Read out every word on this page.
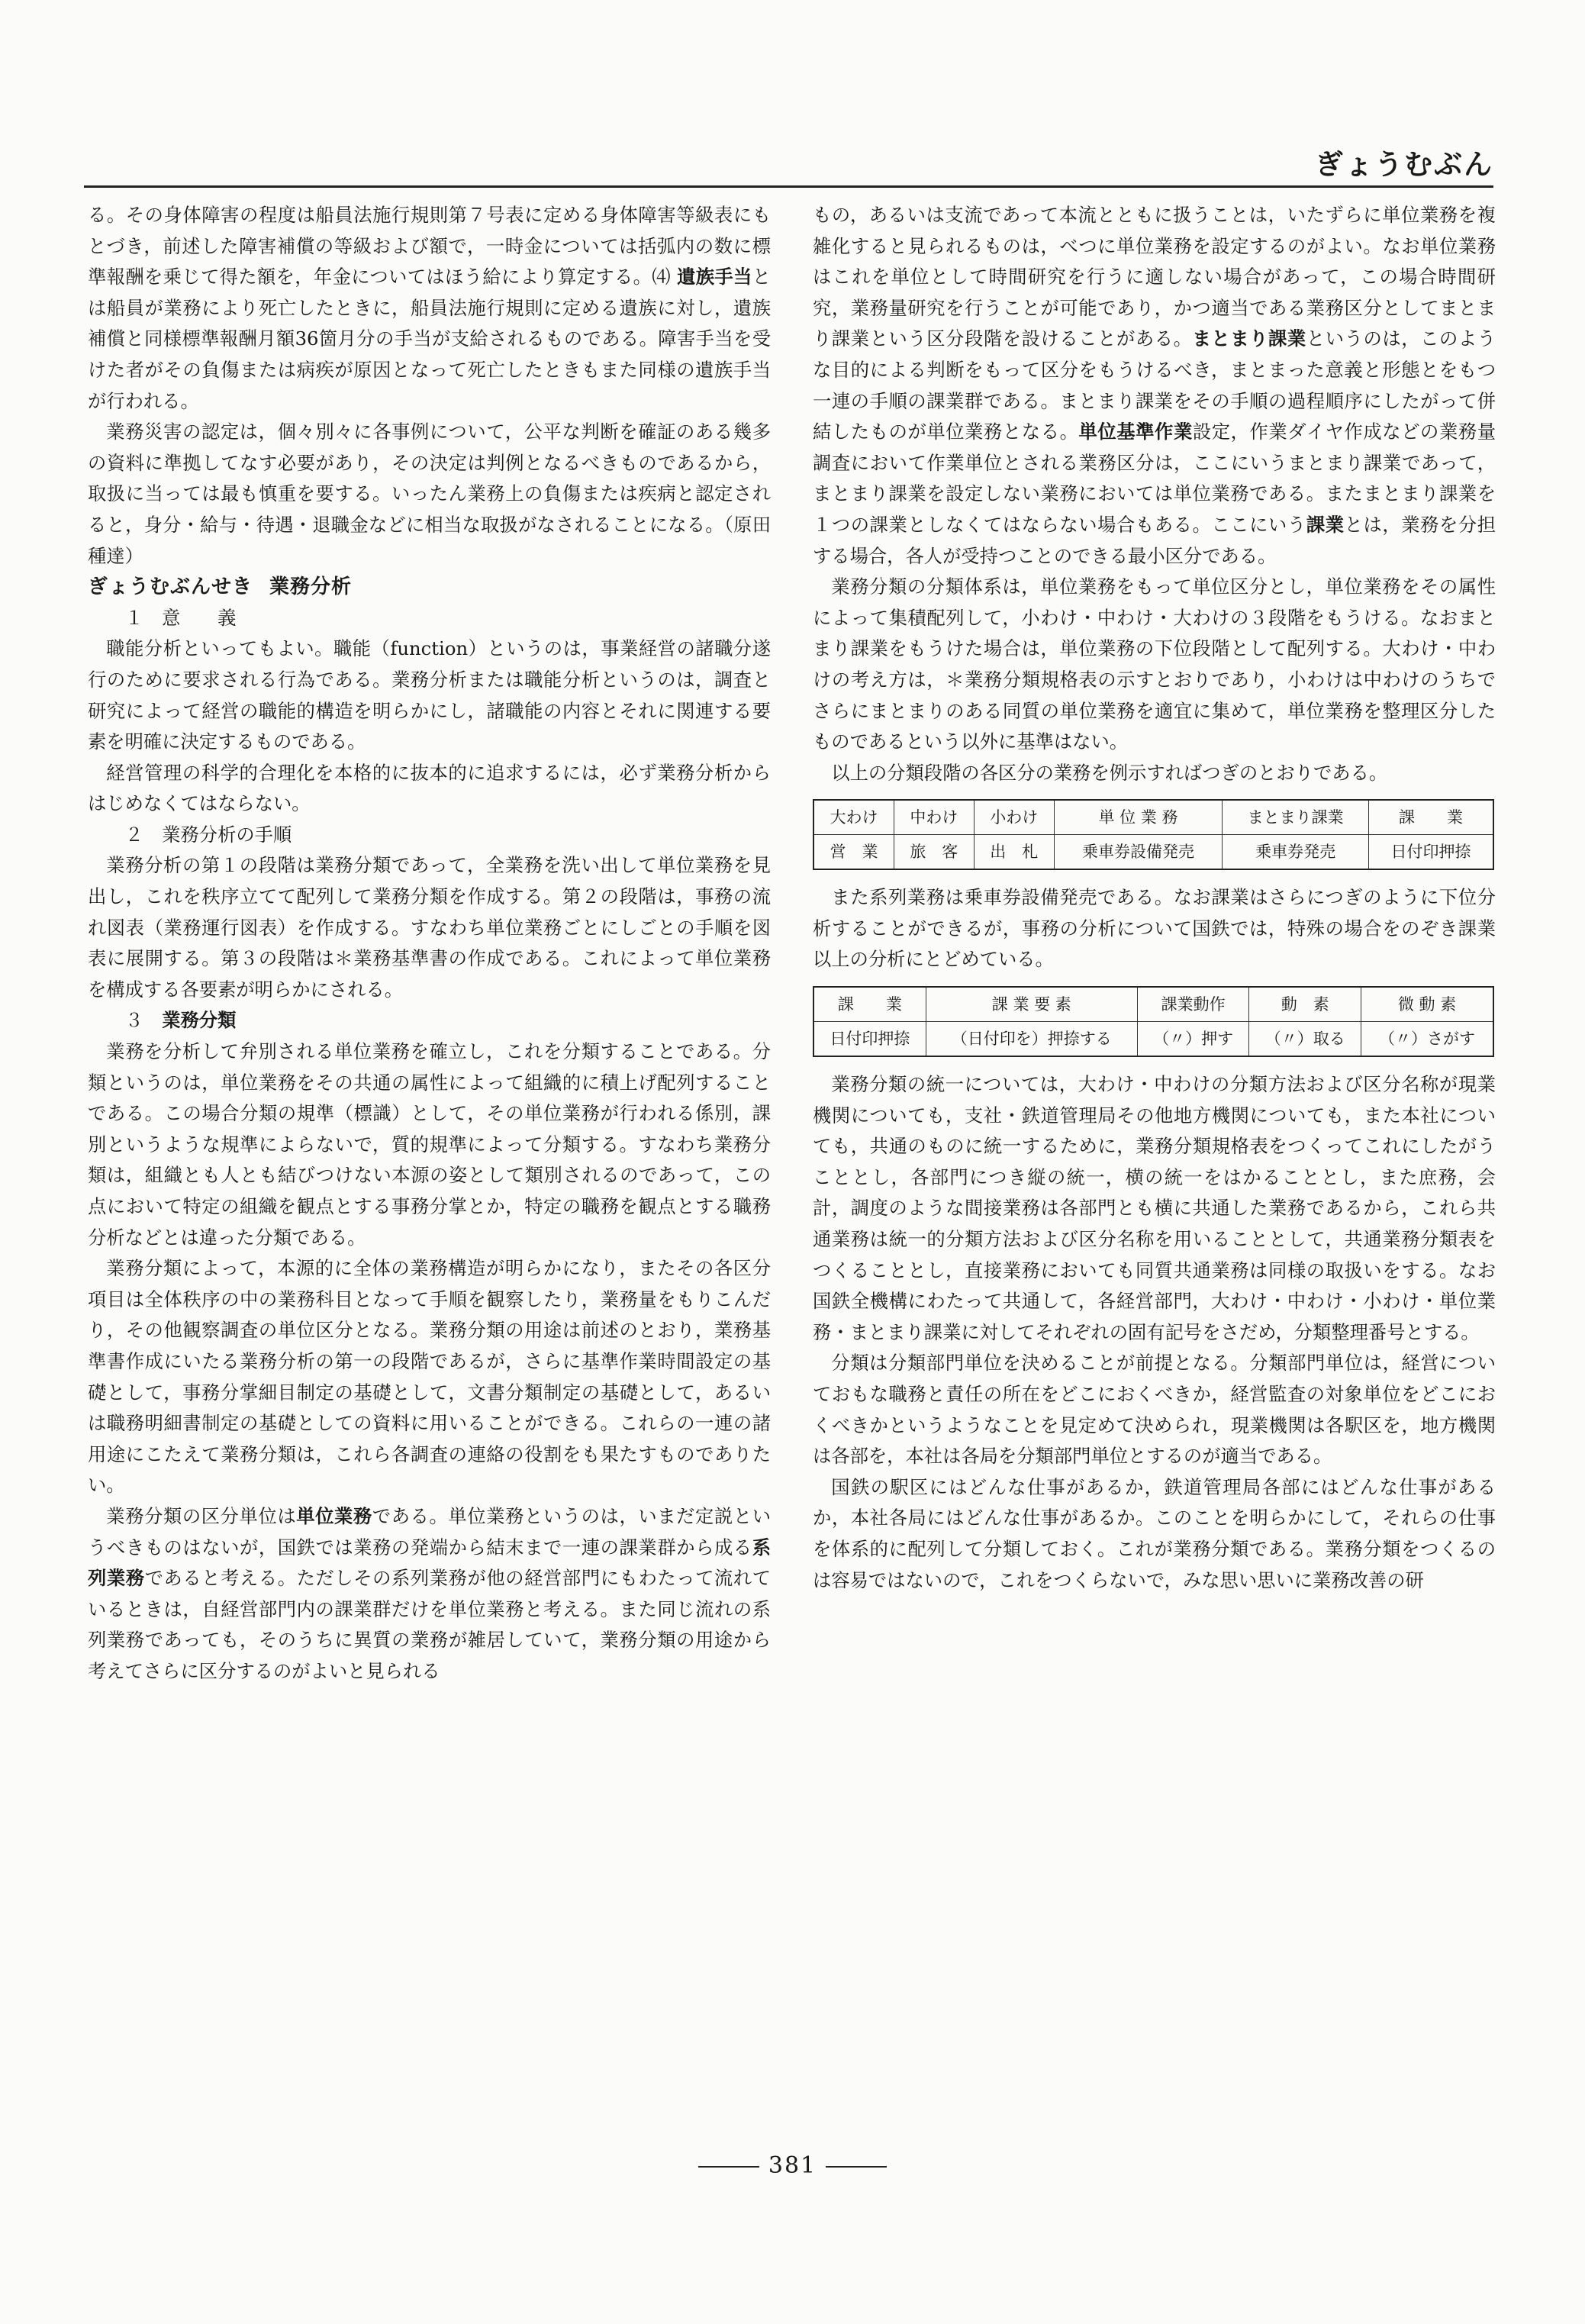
ぎょうむぶん

る。その身体障害の程度は船員法施行規則第７号表に定める身体障害等級表にもとづき，前述した障害補償の等級および額で，一時金については括弧内の数に標準報酬を乗じて得た額を，年金についてはほう給により算定する。⑷ 遺族手当とは船員が業務により死亡したときに，船員法施行規則に定める遺族に対し，遺族補償と同様標準報酬月額36箇月分の手当が支給されるものである。障害手当を受けた者がその負傷または病疾が原因となって死亡したときもまた同様の遺族手当が行われる。

業務災害の認定は，個々別々に各事例について，公平な判断を確証のある幾多の資料に準拠してなす必要があり，その決定は判例となるべきものであるから，取扱に当っては最も慎重を要する。いったん業務上の負傷または疾病と認定されると，身分・給与・待遇・退職金などに相当な取扱がなされることになる。（原田種達）

ぎょうむぶんせき 業務分析

１　意　　義

職能分析といってもよい。職能（function）というのは，事業経営の諸職分遂行のために要求される行為である。業務分析または職能分析というのは，調査と研究によって経営の職能的構造を明らかにし，諸職能の内容とそれに関連する要素を明確に決定するものである。

経営管理の科学的合理化を本格的に抜本的に追求するには，必ず業務分析からはじめなくてはならない。

２　業務分析の手順

業務分析の第１の段階は業務分類であって，全業務を洗い出して単位業務を見出し，これを秩序立てて配列して業務分類を作成する。第２の段階は，事務の流れ図表（業務運行図表）を作成する。すなわち単位業務ごとにしごとの手順を図表に展開する。第３の段階は＊業務基準書の作成である。これによって単位業務を構成する各要素が明らかにされる。

３　 業務分類

業務を分析して弁別される単位業務を確立し，これを分類することである。分類というのは，単位業務をその共通の属性によって組織的に積上げ配列することである。この場合分類の規準（標識）として，その単位業務が行われる係別，課別というような規準によらないで，質的規準によって分類する。すなわち業務分類は，組織とも人とも結びつけない本源の姿として類別されるのであって，この点において特定の組織を観点とする事務分掌とか，特定の職務を観点とする職務分析などとは違った分類である。

業務分類によって，本源的に全体の業務構造が明らかになり，またその各区分項目は全体秩序の中の業務科目となって手順を観察したり，業務量をもりこんだり，その他観察調査の単位区分となる。業務分類の用途は前述のとおり，業務基準書作成にいたる業務分析の第一の段階であるが，さらに基準作業時間設定の基礎として，事務分掌細目制定の基礎として，文書分類制定の基礎として，あるいは職務明細書制定の基礎としての資料に用いることができる。これらの一連の諸用途にこたえて業務分類は，これら各調査の連絡の役割をも果たすものでありたい。

業務分類の区分単位は単位業務である。単位業務というのは，いまだ定説というべきものはないが，国鉄では業務の発端から結末まで一連の課業群から成る系列業務であると考える。ただしその系列業務が他の経営部門にもわたって流れているときは，自経営部門内の課業群だけを単位業務と考える。また同じ流れの系列業務であっても，そのうちに異質の業務が雑居していて，業務分類の用途から考えてさらに区分するのがよいと見られる

もの，あるいは支流であって本流とともに扱うことは，いたずらに単位業務を複雑化すると見られるものは，べつに単位業務を設定するのがよい。なお単位業務はこれを単位として時間研究を行うに適しない場合があって，この場合時間研究，業務量研究を行うことが可能であり，かつ適当である業務区分としてまとまり課業という区分段階を設けることがある。まとまり課業というのは，このような目的による判断をもって区分をもうけるべき，まとまった意義と形態とをもつ一連の手順の課業群である。まとまり課業をその手順の過程順序にしたがって併結したものが単位業務となる。単位基準作業設定，作業ダイヤ作成などの業務量調査において作業単位とされる業務区分は，ここにいうまとまり課業であって，まとまり課業を設定しない業務においては単位業務である。またまとまり課業を１つの課業としなくてはならない場合もある。ここにいう課業とは，業務を分担する場合，各人が受持つことのできる最小区分である。

業務分類の分類体系は，単位業務をもって単位区分とし，単位業務をその属性によって集積配列して，小わけ・中わけ・大わけの３段階をもうける。なおまとまり課業をもうけた場合は，単位業務の下位段階として配列する。大わけ・中わけの考え方は，＊業務分類規格表の示すとおりであり，小わけは中わけのうちでさらにまとまりのある同質の単位業務を適宜に集めて，単位業務を整理区分したものであるという以外に基準はない。

以上の分類段階の各区分の業務を例示すればつぎのとおりである。

大わけ	中わけ	小わけ	単 位 業 務	まとまり課業	課　　業
営　業	旅　客	出　札	乗車券設備発売	乗車券発売	日付印押捺

また系列業務は乗車券設備発売である。なお課業はさらにつぎのように下位分析することができるが，事務の分析について国鉄では，特殊の場合をのぞき課業以上の分析にとどめている。

課　　業	課 業 要 素	課業動作	動　素	微 動 素
日付印押捺	（日付印を）押捺する	（〃）押す	（〃）取る	（〃）さがす

業務分類の統一については，大わけ・中わけの分類方法および区分名称が現業機関についても，支社・鉄道管理局その他地方機関についても，また本社についても，共通のものに統一するために，業務分類規格表をつくってこれにしたがうこととし，各部門につき縦の統一，横の統一をはかることとし，また庶務，会計，調度のような間接業務は各部門とも横に共通した業務であるから，これら共通業務は統一的分類方法および区分名称を用いることとして，共通業務分類表をつくることとし，直接業務においても同質共通業務は同様の取扱いをする。なお国鉄全機構にわたって共通して，各経営部門，大わけ・中わけ・小わけ・単位業務・まとまり課業に対してそれぞれの固有記号をさだめ，分類整理番号とする。

分類は分類部門単位を決めることが前提となる。分類部門単位は，経営についておもな職務と責任の所在をどこにおくべきか，経営監査の対象単位をどこにおくべきかというようなことを見定めて決められ，現業機関は各駅区を，地方機関は各部を，本社は各局を分類部門単位とするのが適当である。

国鉄の駅区にはどんな仕事があるか，鉄道管理局各部にはどんな仕事があるか，本社各局にはどんな仕事があるか。このことを明らかにして，それらの仕事を体系的に配列して分類しておく。これが業務分類である。業務分類をつくるのは容易ではないので，これをつくらないで，みな思い思いに業務改善の研

381
